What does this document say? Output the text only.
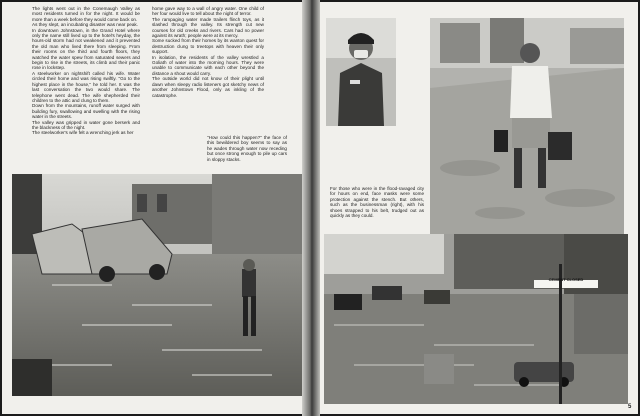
The lights went out in the Conemaugh Valley as most residents turned in for the night. It would be more than a week before they would come back on.

As they slept, an incubating disaster was near peak.

In downtown Johnstown, in the Grand Hotel where only the name still lived up to the hotel's heyday, the hours-old storm had not weakened and it prevented the old man who lived there from sleeping. From their rooms on the third and fourth floors, they watched the water spew from saturated sewers and begin to rise in the streets, its climb and their panic rose in lockstep.

A steelworker on nightshift called his wife. Water circled their home and was rising swiftly. "Go to the highest place in the house," he told her. It was the last conversation the two would share. The telephone went dead. The wife shepherded their children to the attic and clung to them.

Down from the mountains, runoff water surged with building fury, swallowing and swelling with the rising water in the streets.

The valley was gripped in water gone berserk and the blackness of the night.

The steelworker's wife felt a wrenching jerk as her

home gave way to a wall of angry water. One child of her four would live to tell about the night of terror.

The rampaging water made trailers flinch toys, as it slashed through the valley. Its strength cut new courses for old creeks and rivers. Cars had no power against its wrath; people were at its mercy.

Some sucked from their homes by its wanton quest for destruction clung to treetops with heaven their only support.

In isolation, the residents of the valley wrestled a Goliath of water into the morning hours. They were unable to communicate with each other beyond the distance a shout would carry.

The outside world did not know of their plight until dawn when sleepy radio listeners got sketchy news of another Johnstown Flood, only as inkling of the catastrophe.

"How could this happen?" the face of this bewildered boy seems to say as he wades through water now receding but once strong enough to pile up cars in sloppy stacks.
For those who were in the flood-ravaged city for hours on end, face masks were some protection against the stench. But others, such as the businessman (right), with his shoes strapped to his belt, trudged out as quickly as they could.
CEMENT CLOSED
5
